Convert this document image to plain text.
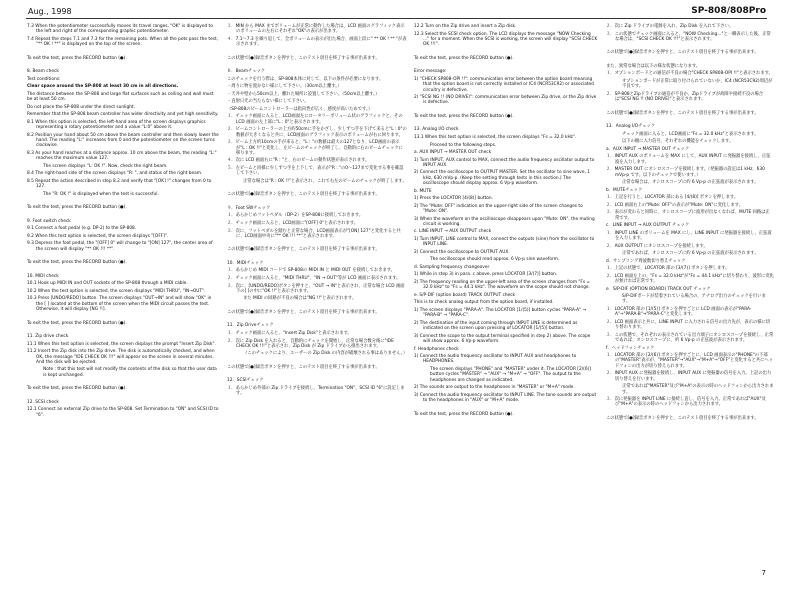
Aug., 1998	SP-808/808Pro

7.3 When the potentiometer successfully moves its travel ranges, "OK" is displayed to the left and right of the corresponding graphic potentiometer.

7.4 Repeat the steps 7.1 and 7.3 for the remaining pots. When all the pots pass the test, "** OK ! **" is displayed on the top of the screen.

To exit the test, press the RECORD button (●).

8. Beam check

Test conditions:

Clear space around the SP-808 at least 30 cm in all directions.

The distance between the SP-808 and large flat surfaces such as ceiling and wall must be at least 50 cm.

Do not place the SP-808 under the direct sunlight.

Remember that the SP-808 beam controller has wider directivity and yet high sensitivity.

8.1 When this option is selected, the left-hand area of the screen displays graphics representing a rotary potentiometer and a value "L:0" above it.

8.2 Position your hand about 50 cm above the beam controller and then slowly lower the hand. The reading "L:" increases from 0 and the potentiometer on the screen turns clockwise.

8.3 As your hand reaches at a distance approx. 10 cm above the beam, the reading "L:" reaches the maximum value 127.

The screen displays "L: OK !". Now, check the right beam.

8.4 The right-hand side of the screen displays "R: ", and status of the right beam.

8.5 Repeat the action described in step 8.2 and verify that "[OK] !" changes from 0 to 127.

The "R: OK !" is displayed when the test is successful.

To exit the test, press the RECORD button (●).

9. Foot switch check

9.1 Connect a foot pedal (e.g. DP-2) to the SP-808.

9.2 When this test option is selected, the screen displays "[OFF]".

9.3 Depress the foot pedal, the "[OFF] 0" will change to "[ON] 127", the center area of the screen will display "** OK !!! **".

To exit the test, press the RECORD button (●).

10. MIDI check

10.1 Hook up MIDI IN and OUT sockets of the SP-808 through a MIDI cable.

10.2 When the test option is selected, the screen displays "MIDI THRU", "IN→OUT".

10.3 Press [UNDO/REDO] button. The screen displays "OUT→IN" and will show "OK" in the [ ] located at the bottom of the screen when the MIDI circuit passes the test. Otherwise, it will display [NG !!].

To exit the test, press the RECORD button (●).

11. Zip drive check

11.1 When this test option is selected, the screen displays the prompt "Insert Zip Disk".

11.2 Insert the Zip disk into the Zip drive. The disk is automatically checked, and when OK, the message "IDE CHECK OK !!!" will appear on the screen in several minutes. And the disk will be ejected.

Note : that this test will not modify the contents of the disk so that the user data is kept unchanged.

To exit the test, press the RECORD button (●).

12. SCSI check

12.1 Connect an external Zip drive to the SP-808. Set Termination to "ON" and SCSI ID to "6".

３．MIN から MAX までボリュームが正常に動作した場合は、LCD 画面のグラフィック表示のボリュームの左右にそれぞれ"OK"の表示が出ます。

４．7.1〜7.3 を繰り返して、全ボリュームの表示が出た場合、画面上段に" ** OK ! ** "が表示されます。

この状態で[●]録音ボタンを押すと、このテスト項目を終了する事が出来ます。

８．Beamチェック

このチェックを行う際は、SP-808本体に対して、以下の条件が必要になります。

・周りに物を置かない様にして下さい。（30cm以上離す。）

・天井や壁から50cm以上、離れた場所に設置して下さい。（50cm以上離す。）

・直射日光の当たらない様にして下さい。

（SP-808のビームコントローラーは指向性が広く、感度が高いためです。）

１．チェック画面に入ると、LCD画面左にロータリーボリューム状のグラフィックと、その LCD 画面の左上部に"L : 0"と表示されます。

２．ビームコントローラーの上方約50cmに手をかざし、少しずつ手を下げて来ると"L : 0"の数値が大きくなると共に、LCD画面のグラフィック表示のボリュームが右に回ります。

３．ビーム上方約10cmの手が来ると、"L : "の数値は最大の127となり、LCD画面の表示が"L : OK !!"と変化し、左ビームのチェックが終了し、自動的に右のビームチェックに移ります。

４．次に LCD 画面右に"R : "と、右のビームの動作状態が表示されます。

５．左ビームと同様に少しずつ手を上下して、表示が"R : "の0〜127まで変化する事を確認して下さい。

正常な場合は"R : OK !!"と表示され、これで右左のビームのチェックが終了します。

この状態で[●]録音ボタンを押すと、このテスト項目を終了する事が出来ます。

９．Foot SWチェック

１．あらかじめフットペダル（DP-2）をSP-808に接続しておきます。

２．チェック画面に入ると、LCD画面に"[OFF] 0"と表示されます。

３．次に、フットペダルを踏むと正常な場合、LCD画面表示が"[ON] 127"と変化すると共に、LCD画面中央に"** OK !!! **"と表示されます。

この状態で[●]録音ボタンを押すと、このテスト項目を終了する事が出来ます。

10．MIDIチェック

１．あらかじめ MIDI コードで SP-808の MIDI IN と MIDI OUT を接続しておきます。

２．チェック画面に入ると、"MIDI THRU"、"IN → OUT"等が LCD 画面に表示されます。

３．次に、[UNDO/REDO]ボタンを押すと、"OUT → IN"と表示され、正常な場合 LCD 画面下の[ ]の中に"OK !!"と表示されます。

また MIDI の回路が不良の場合は"NG !!"と表示されます。

この状態で[●]録音ボタンを押すと、このテスト項目を終了する事が出来ます。

11．Zip Driveチェック

１．チェック画面に入ると、"Insert Zip Disk"と表示されます。

２．次に Zip Disk を入れると、自動的にチェックを開始し、正常な場合数分後に"IDE CHECK OK !!!"と表示され、Zip Disk が Zip ドライブから排出されます。

（このチェックにより、ユーザーの Zip Disk の内容が破壊される事はありません。）

この状態で[●]録音ボタンを押すと、このテスト項目を終了する事が出来ます。

12．SCSIチェック

１．あらかじめ外部の Zip ドライブを接続し、Termination "ON"、SCSI ID "6"に設定します。

12.2 Turn on the Zip drive and insert a Zip disk.

12.3 Select the SCSI check option. The LCD displays the message "NOW Checking ..." for a moment. When the SCSI is working, the screen will display "SCSI CHECK OK !!!".

To exit the test, press the RECORD button (●).

Error message:

1) "CHECK SP808-OPI !!": communication error between the option board meaning that the option board is not correctly installed or IC4 (NCR53C92) or associated circuitry is defective.

2) "SCSI NG !! (NO DRIVE)": communication error between Zip drive, or the Zip drive is defective.

To exit the test, press the RECORD button (●).

13. Analog I/O check

13.1 When this test option is selected, the screen displays "Fs = 32.0 kHz".

Proceed to the following steps.

a. AUX INPUT → MASTER OUT check

1) Turn INPUT, AUX control to MAX, connect the audio frequency oscillator output to INPUT AUX.

2) Connect the oscilloscope to OUTPUT MASTER. Set the oscillator to sine wave, 1 kHz, 630 mVp-p. (Keep the setting through tests in this section.) The oscilloscope should display approx. 6 Vp-p waveform.

b. MUTE

1) Press the LOCATOR [4/(8)] button.

2) The "Mute: OFF" indication on the upper-right side of the screen changes to "Mute: ON".

3) When the waveform on the oscilloscope disappears upon "Mute: ON", the muting circuit is working.

c. LINE INPUT → AUX OUTPUT check

1) Turn INPUT, LINE control to MAX, connect the outputs (sine) from the oscillator to INPUT LINE.

2) Connect the oscilloscope to OUTPUT AUX.

The oscilloscope should read approx. 6 Vp-p sine waveform.

d. Sampling frequency changeover

1) While in step 3) in para. c above, press LOCATOR [3/(7)] button.

2) The frequency reading on the upper-left area of the screen changes from "Fs = 32.0 kHz" to "Fs = 44.1 kHz". The waveform on the scope should not change.

e. S/P-DIF (option board) TRACK OUTPUT check

This is to check analog output from the option board, if installed.

1) The screen displays "PARA-A". The LOCATOR [1/(5)] button cycles "PARA-A" → "PARA-B" → "PARA-C".

2) The destination of the input coming through INPUT LINE is determined as indicated on the screen upon pressing of LOCATOR [1/(5)] button.

3) Connect the scope to the output terminal specified in step 2) above. The scope will show approx. 6 Vp-p waveform.

f. Headphones check

1) Connect the audio frequency oscillator to INPUT AUX and headphones to HEADPHONES.

The screen displays "PHONE" and "MASTER" under it. The LOCATOR [2/(6)] button cycles "MASTER" → "AUX" → "M+A" → "OFF". The output to the headphones are changed as indicated.

2) The sounds are output to the headphones in "MASTER" or "M+A" mode.

3) Connect the audio frequency oscillator to INPUT LINE. The tone sounds are output to the headphones in "AUX" or "M+A" mode.

To exit the test, press the RECORD button (●).

２．次に Zip ドライブの電源を入れ、Zip Disk を入れて下さい。

３．この状態でチェック画面に入ると、"NOW Checking…"と一瞬表示した後、正常な場合は、"SCSI CHECK OK !!!"と表示されます。

この状態で[●]録音ボタンを押すと、このテスト項目を終了する事が出来ます。

また、異常な場合は以下の様な状態になります。

１．オプションボードとの通信が不良の場合"CHECK SP808-OPI !!"と表示されます。

オプションボードが正常に取り付けられていないか、IC4 (NCR53C92)周辺が不良です。

２．SP-808とZipドライブの通信が不良か、Zipドライブが故障や接続不良の場合は"SCSI NG !! (NO DRIVE)"と表示されます。

この状態で[●]録音ボタンを押すと、このテスト項目を終了する事が出来ます。

13．Analog I/Oチェック

チェック画面に入ると、LCD画面に"Fs = 32.0 kHz"と表示されます。

以下の順に入力信号、それぞれの機能をチェックします。

a．AUX INPUT → MASTER OUT チェック

１．INPUT AUX のボリュームを MAX にして、AUX INPUT に発振器を接続し、正弦波を入力します。

２．MASTER OUT にオシロスコープを接続します。（発振器の設定は1 kHz、630 mVp-p です。以下のチェックで使います。）

正常な場合は、オシロスコープに約 6 Vp-p の正弦波が表示されます。

b．MUTEチェック

１．上記を行うと、LOCATOR 部にある [4/(8)] ボタンを押します。

２．LCD 画面右上の"Mute: OFF"の表示が"Mute: ON"に変化します。

３．表示が変わると同時に、オシロスコープに波形が出なくなれば、MUTE 回路は正常です。

c．LINE INPUT → AUX OUTPUT チェック

１．INPUT LINE のボリュームを MAX にし、LINE INPUT に発振器を接続し、正弦波を入力します。

２．AUX OUTPUT にオシロスコープを接続します。

正常であれば、オシロスコープに約 6 Vp-p の正弦波が表示されます。

d．サンプリング周波数切り替えチェック

１．上記の状態で、LOCATOR 部の [3/(7)] ボタンを押します。

２．LCD 画面左上の、"Fs = 32.0 kHz"が"Fs = 44.1 kHz"に切り替わり、波形に変化が無ければ正常です。

e．S/P-DIF (OPTION BOARD) TRACK OUT チェック

S/P-DIFボードが装着されている場合の、アナログ出力のチェックを行います。

１．LOCATOR 部の [1/(5)] ボタンを押すごとに LCD 画面の表示が"PARA-A"→"PARA-B"→"PARA-C"と変化します。

２．LCD 画面表示と共に、LINE INPUT に入力される信号の出力先が、表示の様に切り替わります。

３．この状態で、それぞれの表示されている出力端子にオシロスコープを接続し、正常であれば、オシロスコープに、約 6 Vp-p の正弦波が表示されます。

f．ヘッドフォンチェック

１．LOCATOR 部の [2/(6)] ボタンを押すごとに、LCD 画面表示の"PHONE"の下部の"MASTER"表示が、"MASTER"→"AUX"→"M+A"→"OFF"と変化すると共にヘッドフォンの出力が切り替えられます。

２．INPUT AUX に発振器を接続し、INPUT AUX に発振器の信号を入力。上記の出力切り替えを行います。

正常であれば"MASTER"及び"M+A"の表示の時のヘッドフォンから出力されます。

３．次に発振器を INPUT LINE に接続し直し、信号を入力。正常であれば"AUX"及び"M+A"の表示の時のヘッドフォンから出力されます。

この状態で[●]録音ボタンを押すと、このテスト項目を終了する事が出来ます。

7
